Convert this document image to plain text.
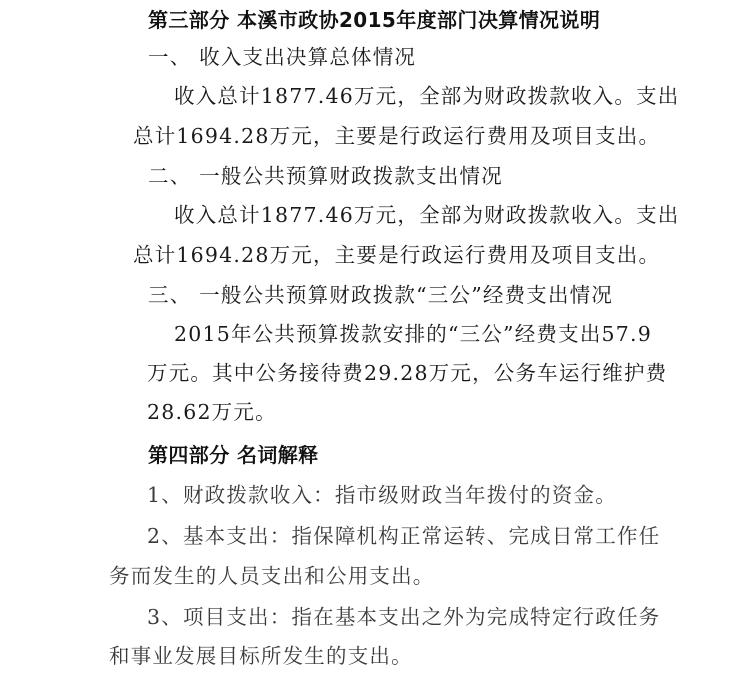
第三部分 本溪市政协2015年度部门决算情况说明
一、 收入支出决算总体情况
收入总计1877.46万元，全部为财政拨款收入。支出
总计1694.28万元，主要是行政运行费用及项目支出。
二、 一般公共预算财政拨款支出情况
收入总计1877.46万元，全部为财政拨款收入。支出
总计1694.28万元，主要是行政运行费用及项目支出。
三、 一般公共预算财政拨款“三公”经费支出情况
2015年公共预算拨款安排的“三公”经费支出57.9
万元。其中公务接待费29.28万元，公务车运行维护费
28.62万元。
第四部分 名词解释
1、财政拨款收入：指市级财政当年拨付的资金。
2、基本支出：指保障机构正常运转、完成日常工作任
务而发生的人员支出和公用支出。
3、项目支出：指在基本支出之外为完成特定行政任务
和事业发展目标所发生的支出。
